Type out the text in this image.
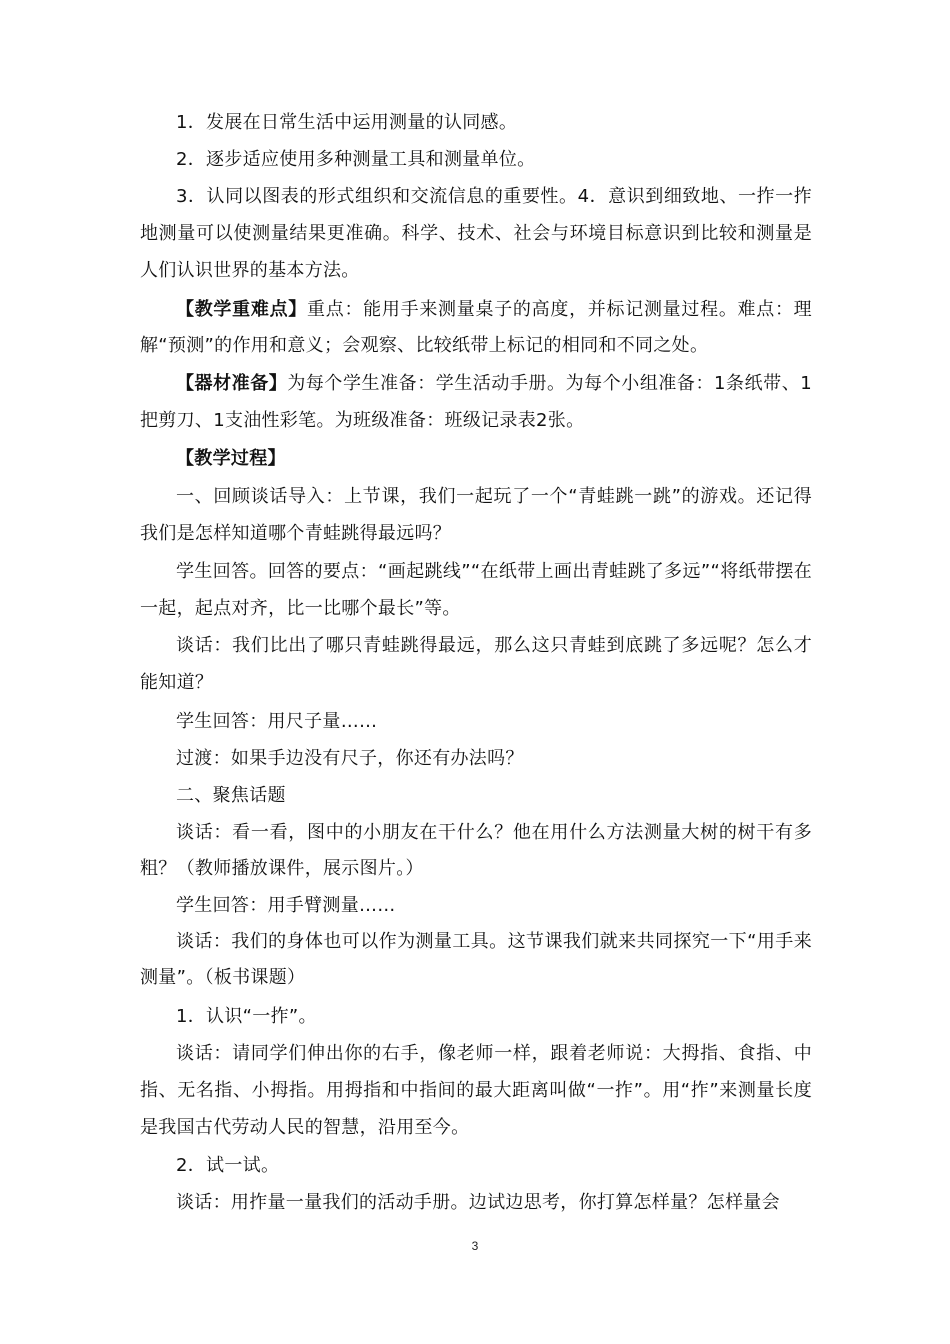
1．发展在日常生活中运用测量的认同感。

2．逐步适应使用多种测量工具和测量单位。

3．认同以图表的形式组织和交流信息的重要性。4．意识到细致地、一拃一拃地测量可以使测量结果更准确。科学、技术、社会与环境目标意识到比较和测量是人们认识世界的基本方法。

【教学重难点】重点：能用手来测量桌子的高度，并标记测量过程。难点：理解“预测”的作用和意义；会观察、比较纸带上标记的相同和不同之处。

【器材准备】为每个学生准备：学生活动手册。为每个小组准备：1条纸带、1把剪刀、1支油性彩笔。为班级准备：班级记录表2张。

【教学过程】

一、回顾谈话导入：上节课，我们一起玩了一个“青蛙跳一跳”的游戏。还记得我们是怎样知道哪个青蛙跳得最远吗？

学生回答。回答的要点：“画起跳线”“在纸带上画出青蛙跳了多远”“将纸带摆在一起，起点对齐，比一比哪个最长”等。

谈话：我们比出了哪只青蛙跳得最远，那么这只青蛙到底跳了多远呢？怎么才能知道？

学生回答：用尺子量……

过渡：如果手边没有尺子，你还有办法吗？

二、聚焦话题

谈话：看一看，图中的小朋友在干什么？他在用什么方法测量大树的树干有多粗？（教师播放课件，展示图片。）

学生回答：用手臂测量……

谈话：我们的身体也可以作为测量工具。这节课我们就来共同探究一下“用手来测量”。（板书课题）

1．认识“一拃”。

谈话：请同学们伸出你的右手，像老师一样，跟着老师说：大拇指、食指、中指、无名指、小拇指。用拇指和中指间的最大距离叫做“一拃”。用“拃”来测量长度是我国古代劳动人民的智慧，沿用至今。

2．试一试。

谈话：用拃量一量我们的活动手册。边试边思考，你打算怎样量？怎样量会

3
